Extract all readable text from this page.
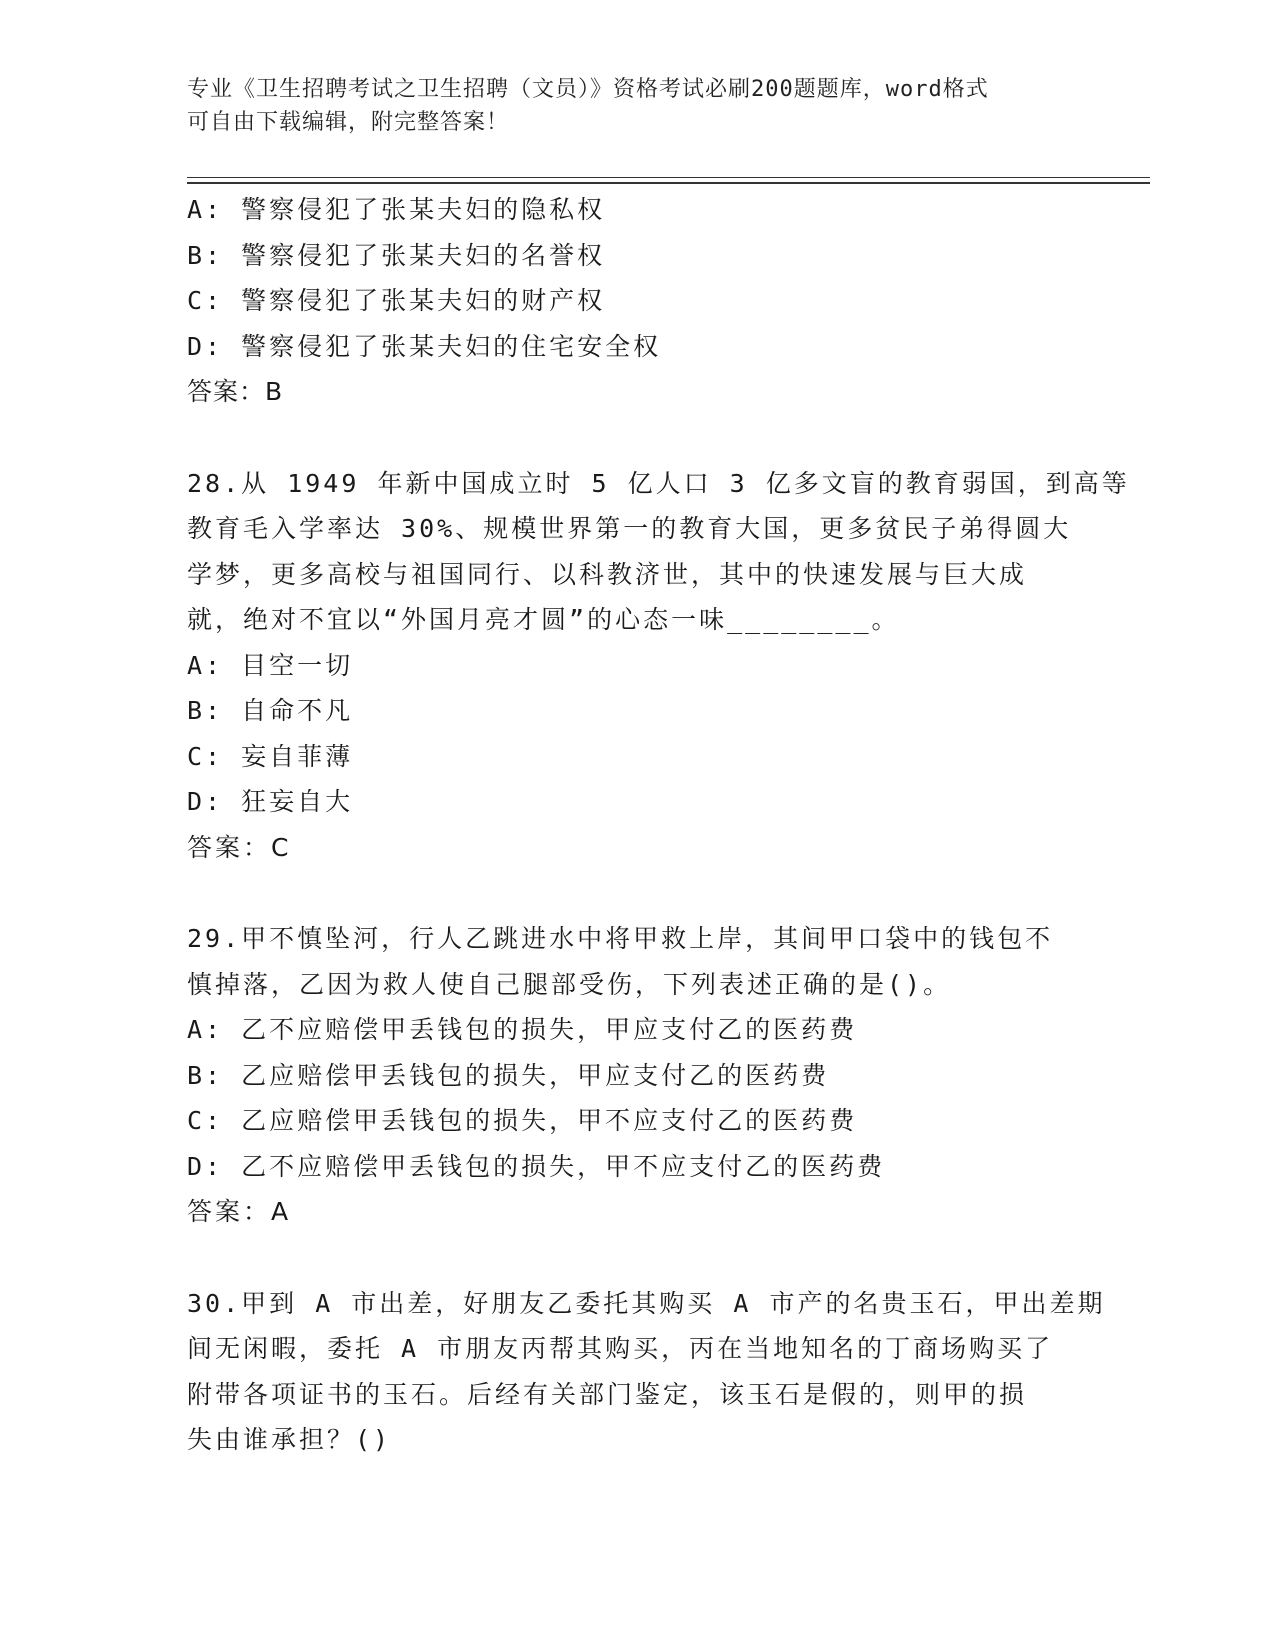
专业《卫生招聘考试之卫生招聘（文员）》资格考试必刷200题题库，word格式
可自由下载编辑，附完整答案！
A: 警察侵犯了张某夫妇的隐私权
B: 警察侵犯了张某夫妇的名誉权
C: 警察侵犯了张某夫妇的财产权
D: 警察侵犯了张某夫妇的住宅安全权
答案：B
28.从 1949 年新中国成立时 5 亿人口 3 亿多文盲的教育弱国，到高等
教育毛入学率达 30%、规模世界第一的教育大国，更多贫民子弟得圆大
学梦，更多高校与祖国同行、以科教济世，其中的快速发展与巨大成
就，绝对不宜以“外国月亮才圆”的心态一味________。
A: 目空一切
B: 自命不凡
C: 妄自菲薄
D: 狂妄自大
答案：C
29.甲不慎坠河，行人乙跳进水中将甲救上岸，其间甲口袋中的钱包不
慎掉落，乙因为救人使自己腿部受伤，下列表述正确的是()。
A: 乙不应赔偿甲丢钱包的损失，甲应支付乙的医药费
B: 乙应赔偿甲丢钱包的损失，甲应支付乙的医药费
C: 乙应赔偿甲丢钱包的损失，甲不应支付乙的医药费
D: 乙不应赔偿甲丢钱包的损失，甲不应支付乙的医药费
答案：A
30.甲到 A 市出差，好朋友乙委托其购买 A 市产的名贵玉石，甲出差期
间无闲暇，委托 A 市朋友丙帮其购买，丙在当地知名的丁商场购买了
附带各项证书的玉石。后经有关部门鉴定，该玉石是假的，则甲的损
失由谁承担？()
